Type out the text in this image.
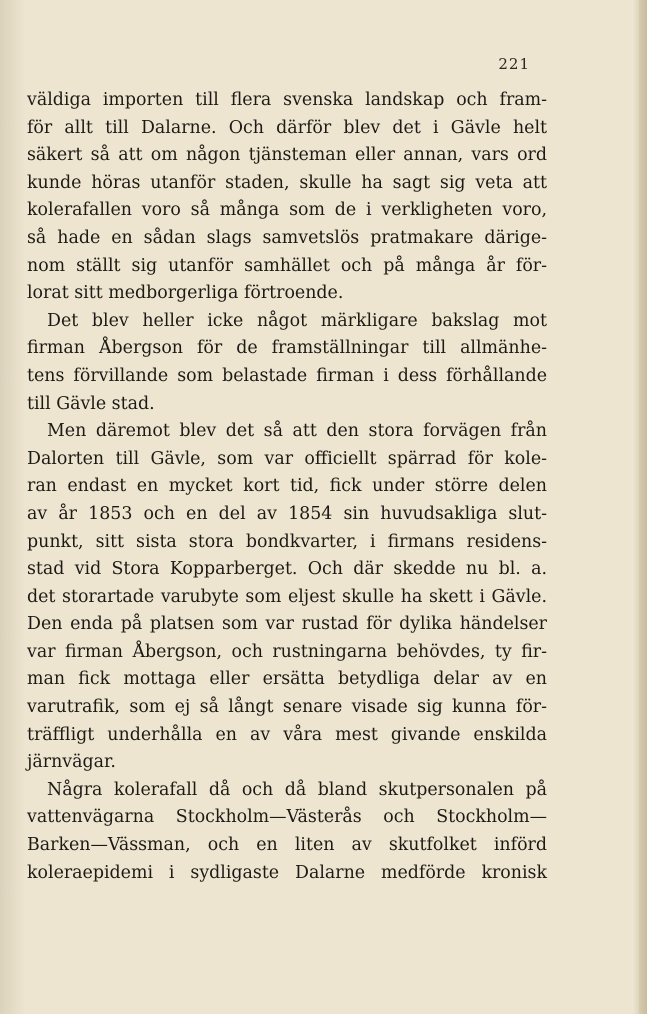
221
väldiga importen till flera svenska landskap och fram-
för allt till Dalarne. Och därför blev det i Gävle helt
säkert så att om någon tjänsteman eller annan, vars ord
kunde höras utanför staden, skulle ha sagt sig veta att
kolerafallen voro så många som de i verkligheten voro,
så hade en sådan slags samvetslös pratmakare därige-
nom ställt sig utanför samhället och på många år för-
lorat sitt medborgerliga förtroende.
Det blev heller icke något märkligare bakslag mot
firman Åbergson för de framställningar till allmänhe-
tens förvillande som belastade firman i dess förhållande
till Gävle stad.
Men däremot blev det så att den stora forvägen från
Dalorten till Gävle, som var officiellt spärrad för kole-
ran endast en mycket kort tid, fick under större delen
av år 1853 och en del av 1854 sin huvudsakliga slut-
punkt, sitt sista stora bondkvarter, i firmans residens-
stad vid Stora Kopparberget. Och där skedde nu bl. a.
det storartade varubyte som eljest skulle ha skett i Gävle.
Den enda på platsen som var rustad för dylika händelser
var firman Åbergson, och rustningarna behövdes, ty fir-
man fick mottaga eller ersätta betydliga delar av en
varutrafik, som ej så långt senare visade sig kunna för-
träffligt underhålla en av våra mest givande enskilda
järnvägar.
Några kolerafall då och då bland skutpersonalen på
vattenvägarna Stockholm—Västerås och Stockholm—
Barken—Vässman, och en liten av skutfolket införd
koleraepidemi i sydligaste Dalarne medförde kronisk
